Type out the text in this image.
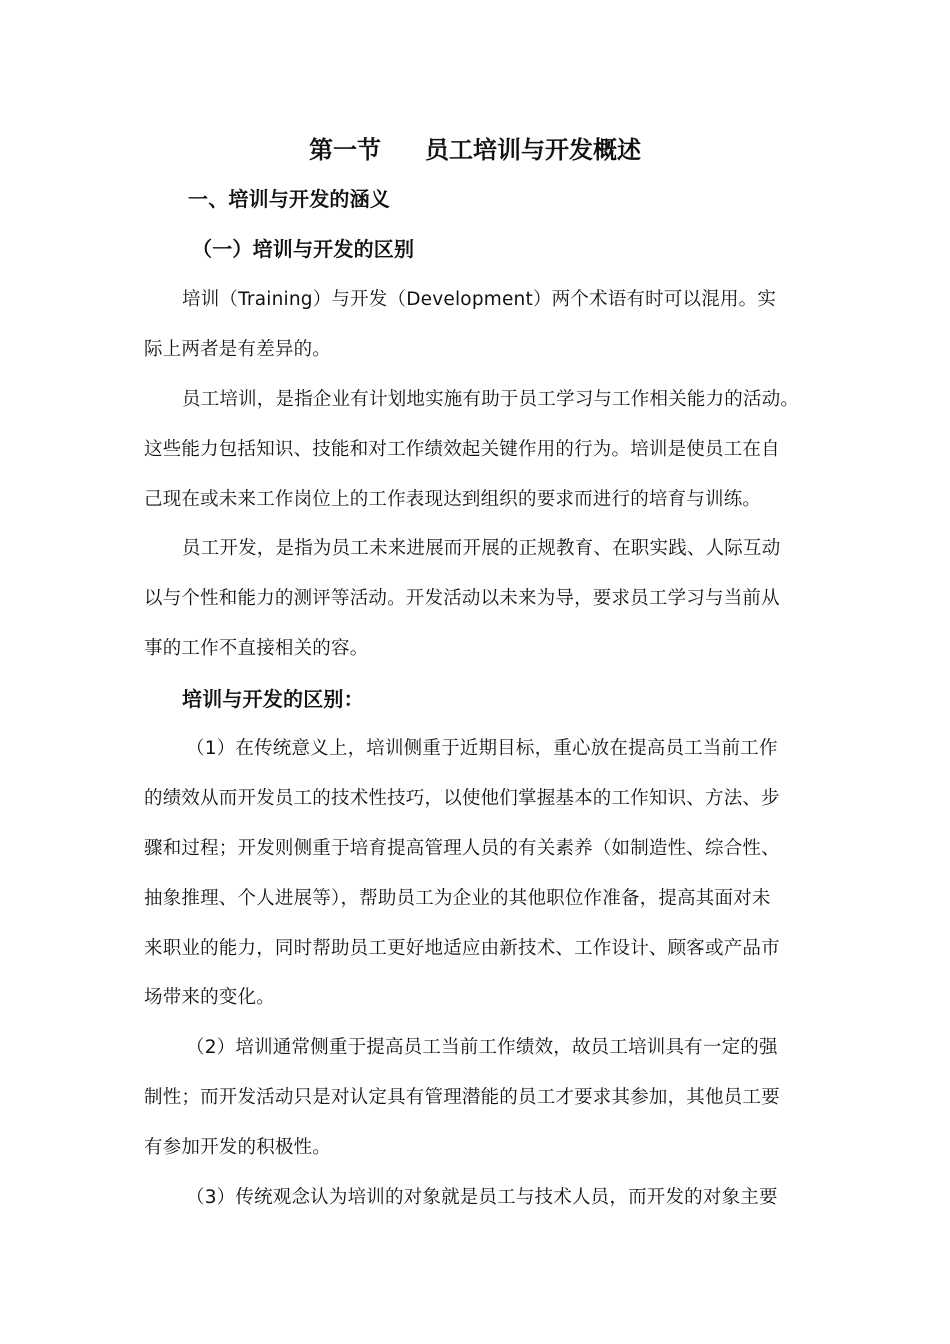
第一节 员工培训与开发概述
一、培训与开发的涵义
（一）培训与开发的区别
培训（Training）与开发（Development）两个术语有时可以混用。实
际上两者是有差异的。
员工培训，是指企业有计划地实施有助于员工学习与工作相关能力的活动。
这些能力包括知识、技能和对工作绩效起关键作用的行为。培训是使员工在自
己现在或未来工作岗位上的工作表现达到组织的要求而进行的培育与训练。
员工开发，是指为员工未来进展而开展的正规教育、在职实践、人际互动
以与个性和能力的测评等活动。开发活动以未来为导，要求员工学习与当前从
事的工作不直接相关的容。
培训与开发的区别：
（1）在传统意义上，培训侧重于近期目标，重心放在提高员工当前工作
的绩效从而开发员工的技术性技巧，以使他们掌握基本的工作知识、方法、步
骤和过程；开发则侧重于培育提高管理人员的有关素养（如制造性、综合性、
抽象推理、个人进展等），帮助员工为企业的其他职位作准备，提高其面对未
来职业的能力，同时帮助员工更好地适应由新技术、工作设计、顾客或产品市
场带来的变化。
（2）培训通常侧重于提高员工当前工作绩效，故员工培训具有一定的强
制性；而开发活动只是对认定具有管理潜能的员工才要求其参加，其他员工要
有参加开发的积极性。
（3）传统观念认为培训的对象就是员工与技术人员，而开发的对象主要
